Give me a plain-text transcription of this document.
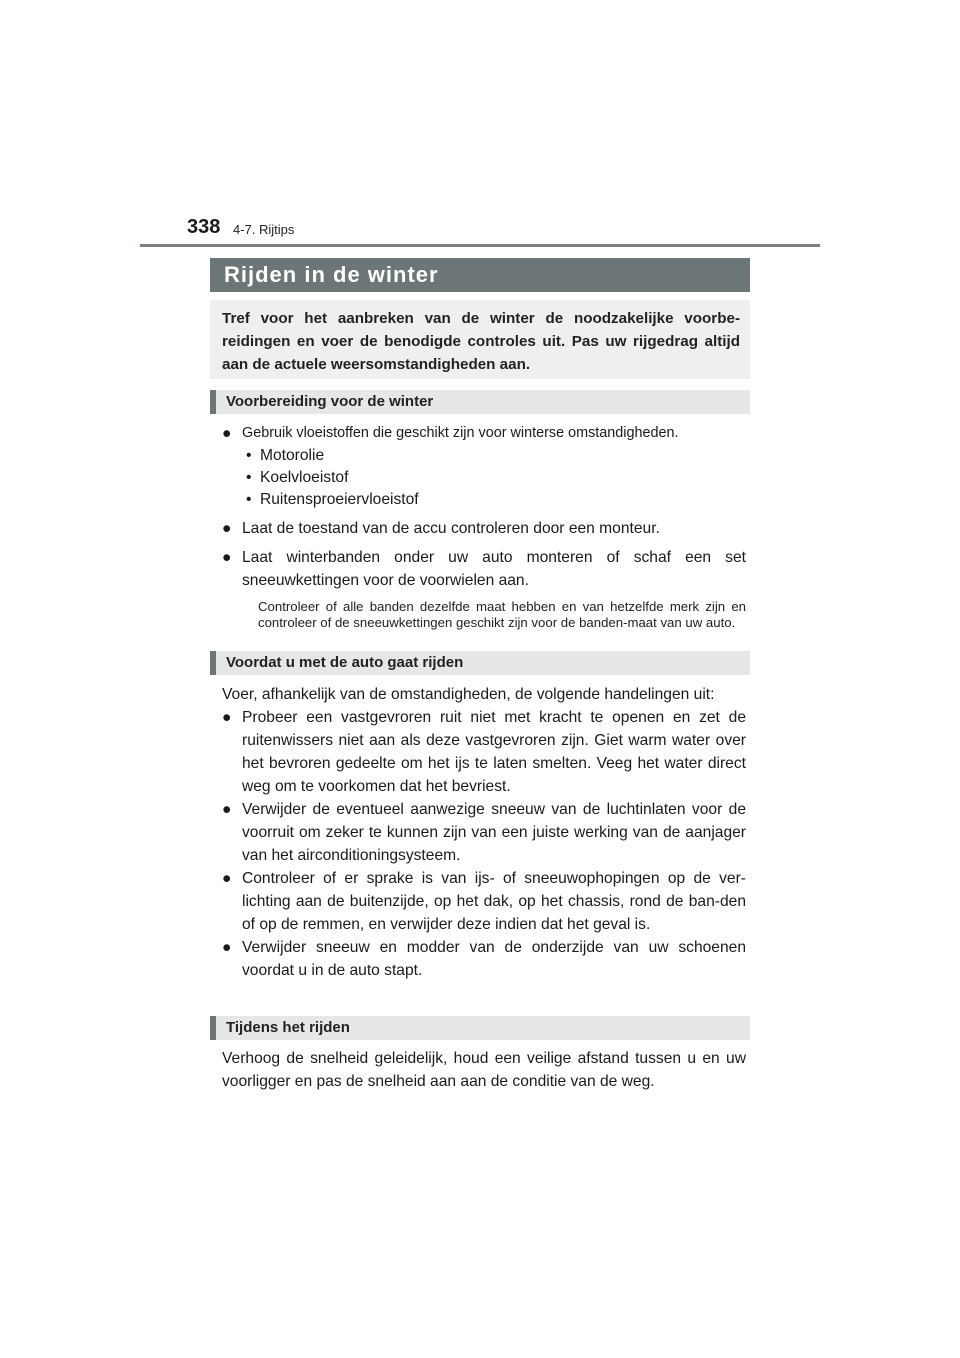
338 4-7. Rijtips
Rijden in de winter

Tref voor het aanbreken van de winter de noodzakelijke voorbe-reidingen en voer de benodigde controles uit. Pas uw rijgedrag altijd aan de actuele weersomstandigheden aan.

Voorbereiding voor de winter
● Gebruik vloeistoffen die geschikt zijn voor winterse omstandigheden.
• Motorolie
• Koelvloeistof
• Ruitensproeiervloeistof
● Laat de toestand van de accu controleren door een monteur.
● Laat winterbanden onder uw auto monteren of schaf een set sneeuwkettingen voor de voorwielen aan.
Controleer of alle banden dezelfde maat hebben en van hetzelfde merk zijn en controleer of de sneeuwkettingen geschikt zijn voor de banden-maat van uw auto.
Voordat u met de auto gaat rijden
Voer, afhankelijk van de omstandigheden, de volgende handelingen uit:
● Probeer een vastgevroren ruit niet met kracht te openen en zet de ruitenwissers niet aan als deze vastgevroren zijn. Giet warm water over het bevroren gedeelte om het ijs te laten smelten. Veeg het water direct weg om te voorkomen dat het bevriest.
● Verwijder de eventueel aanwezige sneeuw van de luchtinlaten voor de voorruit om zeker te kunnen zijn van een juiste werking van de aanjager van het airconditioningsysteem.
● Controleer of er sprake is van ijs- of sneeuwophopingen op de ver-lichting aan de buitenzijde, op het dak, op het chassis, rond de ban-den of op de remmen, en verwijder deze indien dat het geval is.
● Verwijder sneeuw en modder van de onderzijde van uw schoenen voordat u in de auto stapt.
Tijdens het rijden
Verhoog de snelheid geleidelijk, houd een veilige afstand tussen u en uw voorligger en pas de snelheid aan aan de conditie van de weg.
